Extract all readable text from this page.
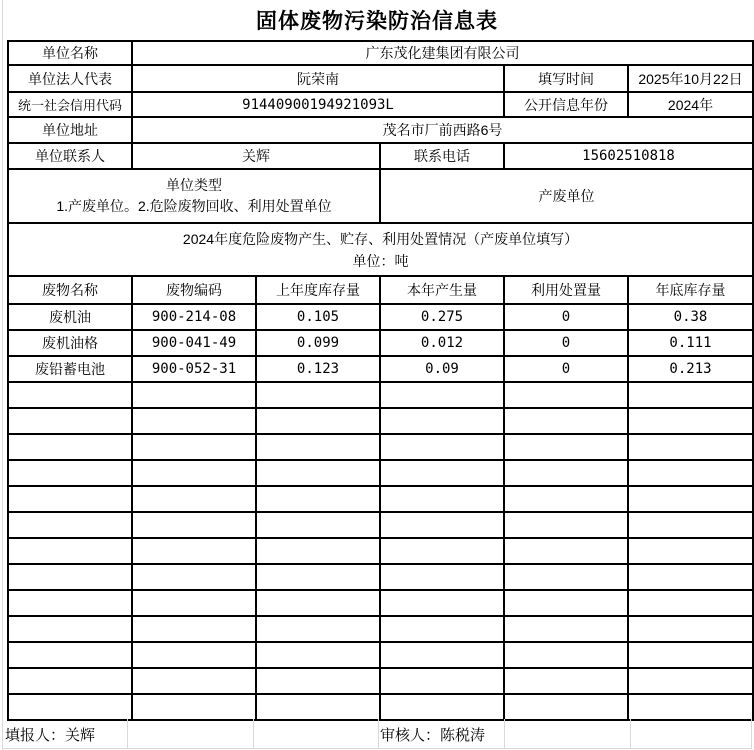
固体废物污染防治信息表
单位名称	广东茂化建集团有限公司				
单位法人代表	阮荣南			填写时间	2025年10月22日
统一社会信用代码	91440900194921093L			公开信息年份	2024年
单位地址	茂名市厂前西路6号				
单位联系人	关辉		联系电话	15602510818	

单位类型
1.产废单位。2.危险废物回收、利用处置单位			产废单位		

2024年度危险废物产生、贮存、利用处置情况（产废单位填写）
单位：吨					

废物名称	废物编码	上年度库存量	本年产生量	利用处置量	年底库存量
废机油	900-214-08	0.105	0.275	0	0.38
废机油格	900-041-49	0.099	0.012	0	0.111
废铅蓄电池	900-052-31	0.123	0.09	0	0.213

填报人：关辉	审核人：陈税涛
